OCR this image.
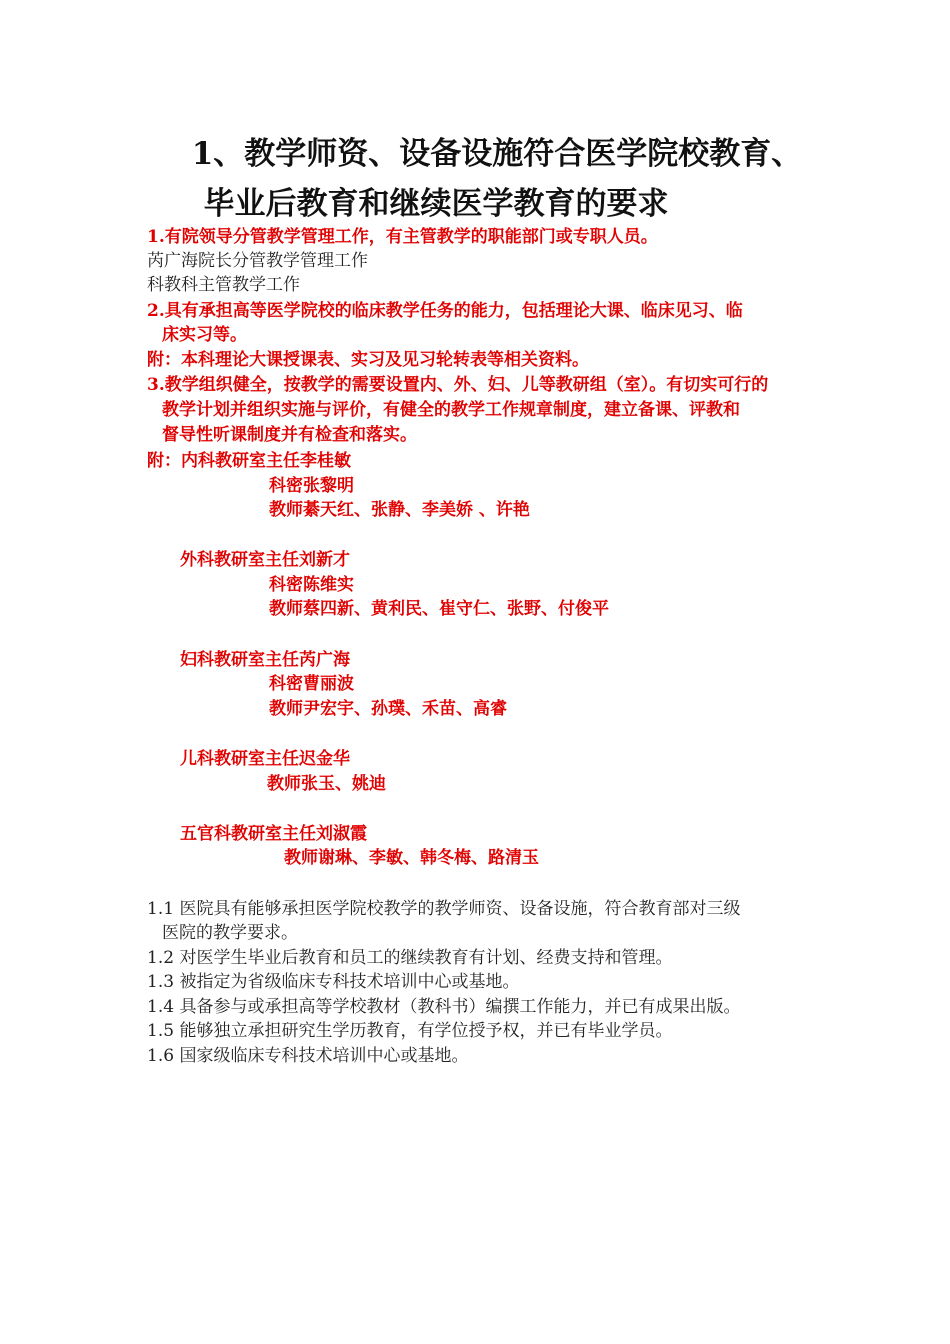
1、教学师资、设备设施符合医学院校教育、
毕业后教育和继续医学教育的要求
1.有院领导分管教学管理工作，有主管教学的职能部门或专职人员。
芮广海院长分管教学管理工作
科教科主管教学工作
2.具有承担高等医学院校的临床教学任务的能力，包括理论大课、临床见习、临
床实习等。
附：本科理论大课授课表、实习及见习轮转表等相关资料。
3.教学组织健全，按教学的需要设置内、外、妇、儿等教研组（室）。有切实可行的
教学计划并组织实施与评价，有健全的教学工作规章制度，建立备课、评教和
督导性听课制度并有检查和落实。
附：内科教研室主任李桂敏
科密张黎明
教师綦天红、张静、李美娇 、许艳
外科教研室主任刘新才
科密陈维实
教师蔡四新、黄利民、崔守仁、张野、付俊平
妇科教研室主任芮广海
科密曹丽波
教师尹宏宇、孙璞、禾苗、高睿
儿科教研室主任迟金华
教师张玉、姚迪
五官科教研室主任刘淑霞
教师谢琳、李敏、韩冬梅、路清玉
1.1 医院具有能够承担医学院校教学的教学师资、设备设施，符合教育部对三级
医院的教学要求。
1.2 对医学生毕业后教育和员工的继续教育有计划、经费支持和管理。
1.3 被指定为省级临床专科技术培训中心或基地。
1.4 具备参与或承担高等学校教材（教科书）编撰工作能力，并已有成果出版。
1.5 能够独立承担研究生学历教育，有学位授予权，并已有毕业学员。
1.6 国家级临床专科技术培训中心或基地。
